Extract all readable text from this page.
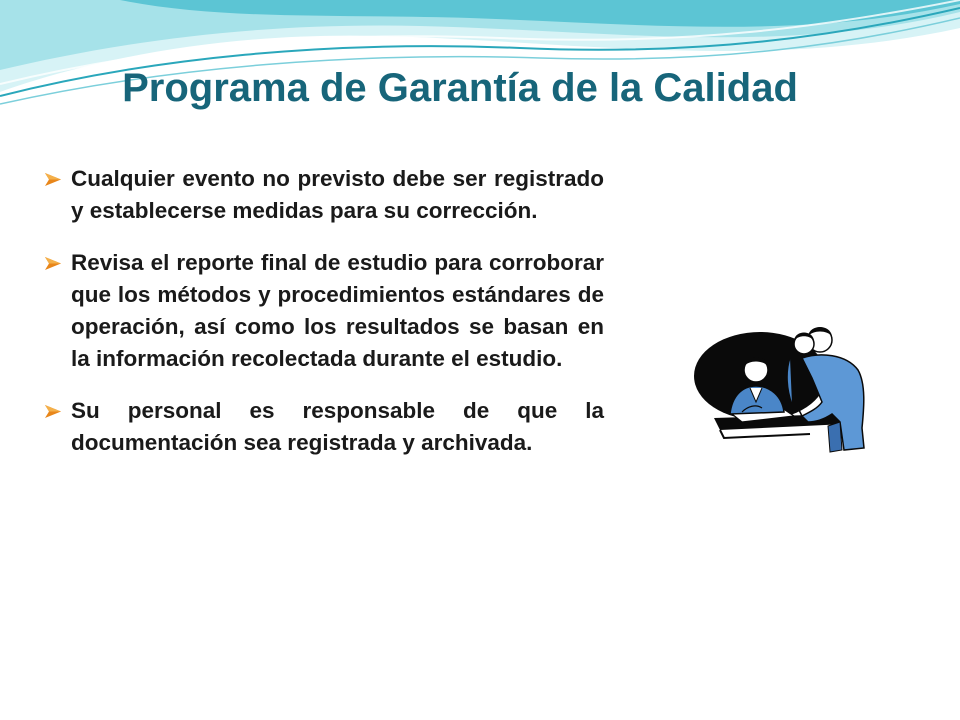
Programa de Garantía de la Calidad
Cualquier evento no previsto debe ser registrado y establecerse medidas para su corrección.
Revisa el reporte final de estudio para corroborar que los métodos y procedimientos estándares de operación, así como los resultados se basan en la información recolectada durante el estudio.
Su personal es responsable de que la documentación sea registrada y archivada.
